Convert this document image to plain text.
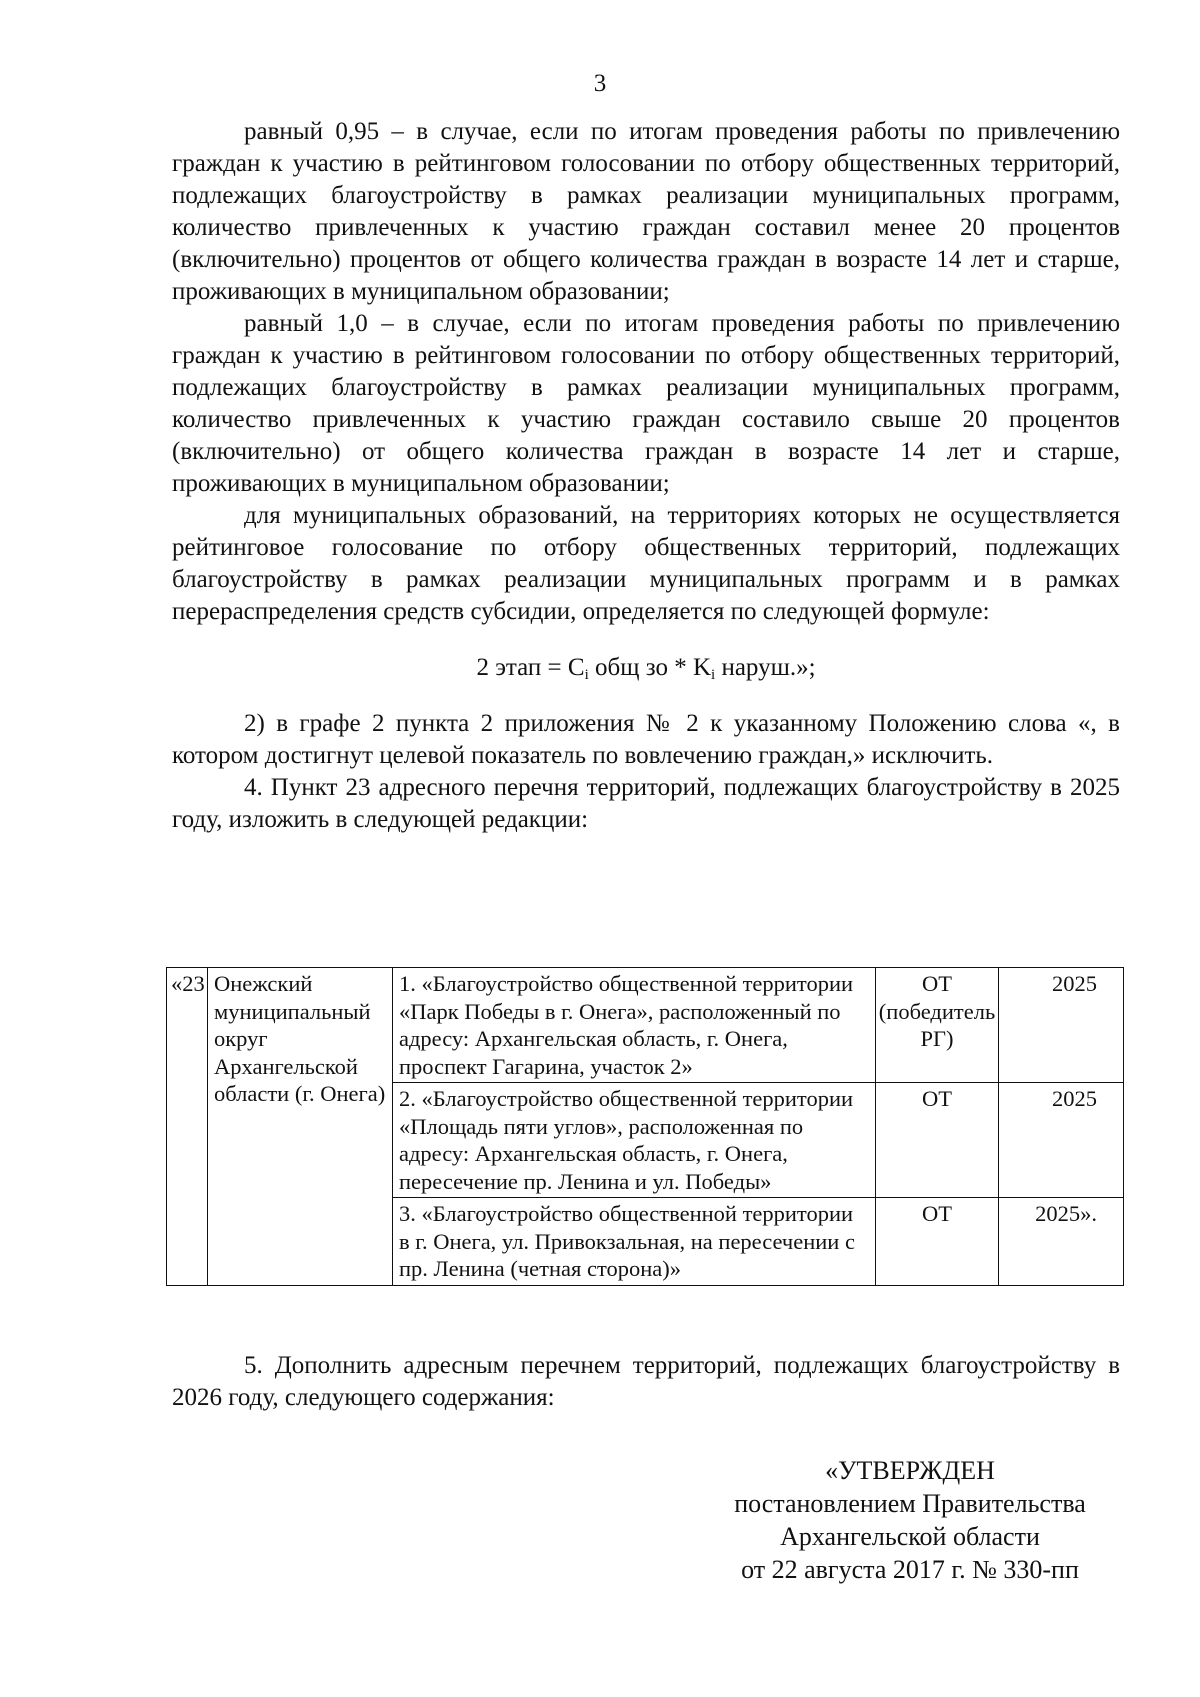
3

равный 0,95 – в случае, если по итогам проведения работы по привлечению граждан к участию в рейтинговом голосовании по отбору общественных территорий, подлежащих благоустройству в рамках реализации муниципальных программ, количество привлеченных к участию граждан составил менее 20 процентов (включительно) процентов от общего количества граждан в возрасте 14 лет и старше, проживающих в муниципальном образовании;

равный 1,0 – в случае, если по итогам проведения работы по привлечению граждан к участию в рейтинговом голосовании по отбору общественных территорий, подлежащих благоустройству в рамках реализации муниципальных программ, количество привлеченных к участию граждан составило свыше 20 процентов (включительно) от общего количества граждан в возрасте 14 лет и старше, проживающих в муниципальном образовании;

для муниципальных образований, на территориях которых не осуществляется рейтинговое голосование по отбору общественных территорий, подлежащих благоустройству в рамках реализации муниципальных программ и в рамках перераспределения средств субсидии, определяется по следующей формуле:

2 этап = $C_i$ общ зо * $K_i$ наруш.»;

2) в графе 2 пункта 2 приложения № 2 к указанному Положению слова «, в котором достигнут целевой показатель по вовлечению граждан,» исключить.

4. Пункт 23 адресного перечня территорий, подлежащих благоустройству в 2025 году, изложить в следующей редакции:

«23	Онежский муниципальный округ Архангельской области (г. Онега)	1. «Благоустройство общественной территории «Парк Победы в г. Онега», расположенный по адресу: Архангельская область, г. Онега, проспект Гагарина, участок 2»	ОТ (победитель РГ)	2025
		2. «Благоустройство общественной территории «Площадь пяти углов», расположенная по адресу: Архангельская область, г. Онега, пересечение пр. Ленина и ул. Победы»	ОТ	2025
		3. «Благоустройство общественной территории в г. Онега, ул. Привокзальная, на пересечении с пр. Ленина (четная сторона)»	ОТ	2025».

5. Дополнить адресным перечнем территорий, подлежащих благоустройству в 2026 году, следующего содержания:

«УТВЕРЖДЕН
постановлением Правительства
Архангельской области
от 22 августа 2017 г. № 330-пп
